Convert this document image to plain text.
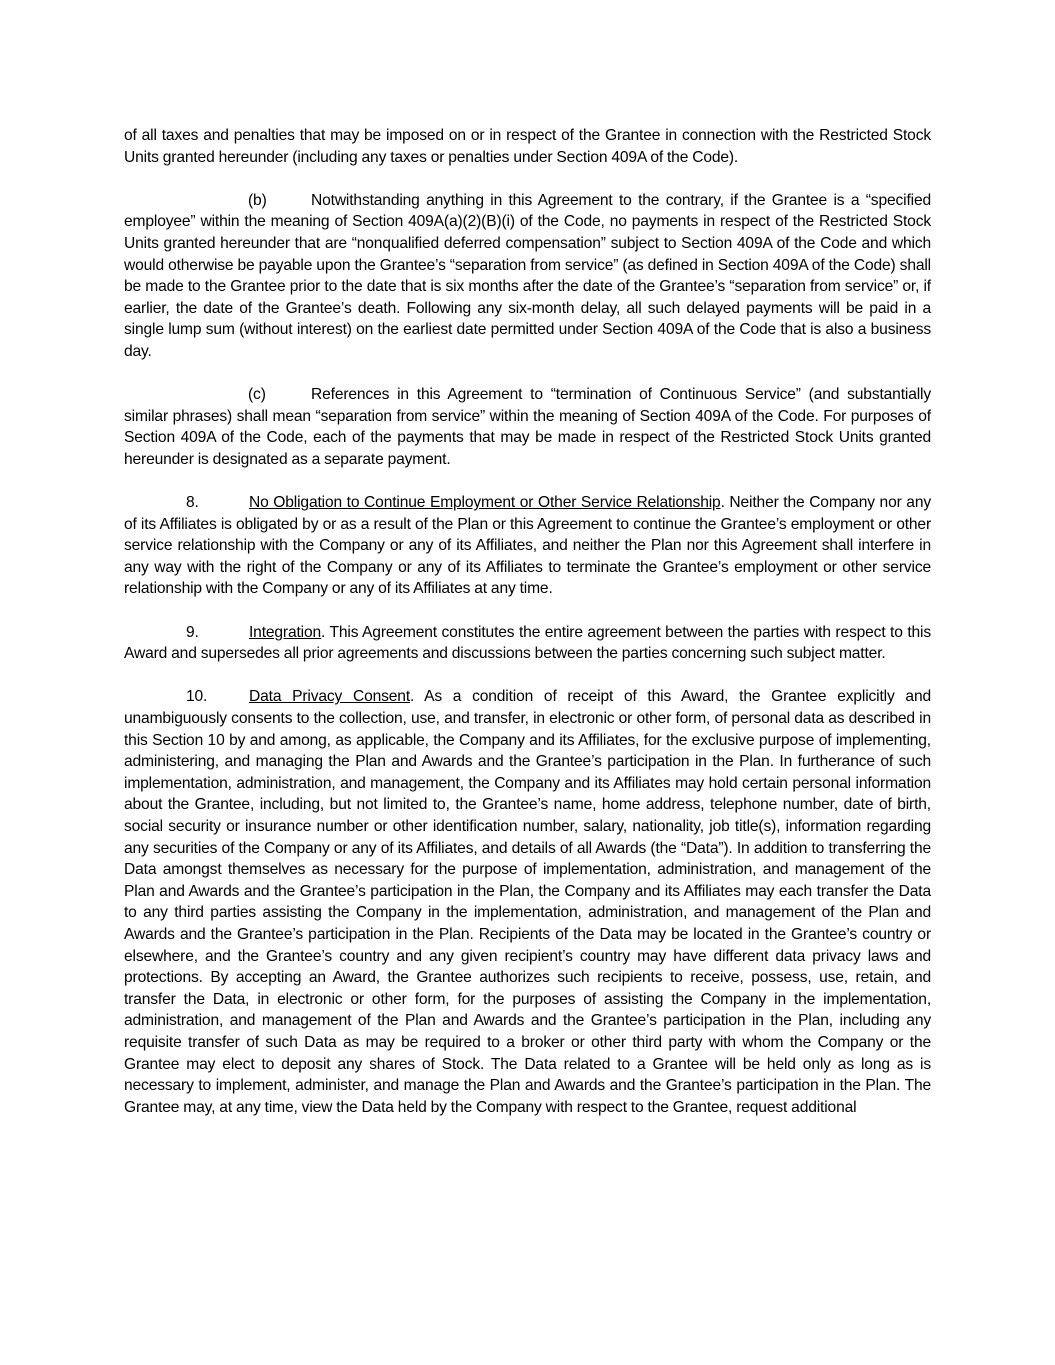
of all taxes and penalties that may be imposed on or in respect of the Grantee in connection with the Restricted Stock Units granted hereunder (including any taxes or penalties under Section 409A of the Code).

(b)	Notwithstanding anything in this Agreement to the contrary, if the Grantee is a “specified employee” within the meaning of Section 409A(a)(2)(B)(i) of the Code, no payments in respect of the Restricted Stock Units granted hereunder that are “nonqualified deferred compensation” subject to Section 409A of the Code and which would otherwise be payable upon the Grantee’s “separation from service” (as defined in Section 409A of the Code) shall be made to the Grantee prior to the date that is six months after the date of the Grantee’s “separation from service” or, if earlier, the date of the Grantee’s death. Following any six-month delay, all such delayed payments will be paid in a single lump sum (without interest) on the earliest date permitted under Section 409A of the Code that is also a business day.

(c)	References in this Agreement to “termination of Continuous Service” (and substantially similar phrases) shall mean “separation from service” within the meaning of Section 409A of the Code. For purposes of Section 409A of the Code, each of the payments that may be made in respect of the Restricted Stock Units granted hereunder is designated as a separate payment.

8.	No Obligation to Continue Employment or Other Service Relationship. Neither the Company nor any of its Affiliates is obligated by or as a result of the Plan or this Agreement to continue the Grantee’s employment or other service relationship with the Company or any of its Affiliates, and neither the Plan nor this Agreement shall interfere in any way with the right of the Company or any of its Affiliates to terminate the Grantee’s employment or other service relationship with the Company or any of its Affiliates at any time.

9.	Integration. This Agreement constitutes the entire agreement between the parties with respect to this Award and supersedes all prior agreements and discussions between the parties concerning such subject matter.

10.	Data Privacy Consent. As a condition of receipt of this Award, the Grantee explicitly and unambiguously consents to the collection, use, and transfer, in electronic or other form, of personal data as described in this Section 10 by and among, as applicable, the Company and its Affiliates, for the exclusive purpose of implementing, administering, and managing the Plan and Awards and the Grantee’s participation in the Plan. In furtherance of such implementation, administration, and management, the Company and its Affiliates may hold certain personal information about the Grantee, including, but not limited to, the Grantee’s name, home address, telephone number, date of birth, social security or insurance number or other identification number, salary, nationality, job title(s), information regarding any securities of the Company or any of its Affiliates, and details of all Awards (the “Data”). In addition to transferring the Data amongst themselves as necessary for the purpose of implementation, administration, and management of the Plan and Awards and the Grantee’s participation in the Plan, the Company and its Affiliates may each transfer the Data to any third parties assisting the Company in the implementation, administration, and management of the Plan and Awards and the Grantee’s participation in the Plan. Recipients of the Data may be located in the Grantee’s country or elsewhere, and the Grantee’s country and any given recipient’s country may have different data privacy laws and protections. By accepting an Award, the Grantee authorizes such recipients to receive, possess, use, retain, and transfer the Data, in electronic or other form, for the purposes of assisting the Company in the implementation, administration, and management of the Plan and Awards and the Grantee’s participation in the Plan, including any requisite transfer of such Data as may be required to a broker or other third party with whom the Company or the Grantee may elect to deposit any shares of Stock. The Data related to a Grantee will be held only as long as is necessary to implement, administer, and manage the Plan and Awards and the Grantee’s participation in the Plan. The Grantee may, at any time, view the Data held by the Company with respect to the Grantee, request additional
